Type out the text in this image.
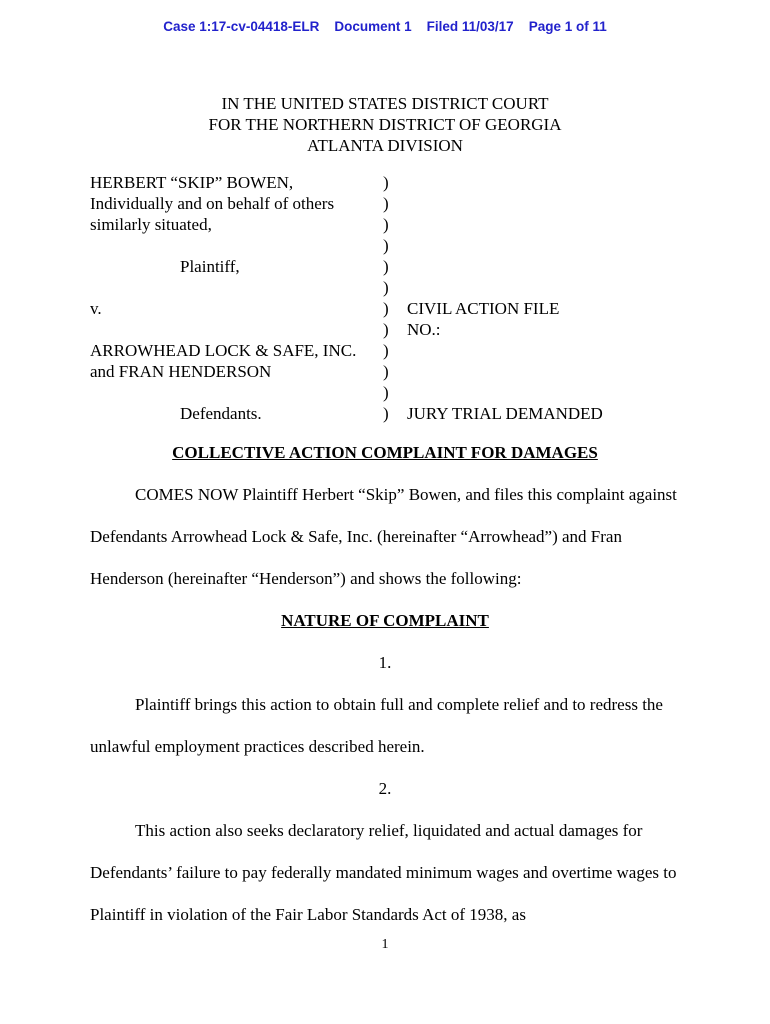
Case 1:17-cv-04418-ELR Document 1 Filed 11/03/17 Page 1 of 11
IN THE UNITED STATES DISTRICT COURT
FOR THE NORTHERN DISTRICT OF GEORGIA
ATLANTA DIVISION
HERBERT “SKIP” BOWEN,	)
Individually and on behalf of others	)
similarly situated,	)
)
Plaintiff,	)
)
v.	)	CIVIL ACTION FILE
)	NO.:
ARROWHEAD LOCK & SAFE, INC.	)
and FRAN HENDERSON	)
)
Defendants.	)	JURY TRIAL DEMANDED

COLLECTIVE ACTION COMPLAINT FOR DAMAGES

COMES NOW Plaintiff Herbert “Skip” Bowen, and files this complaint against Defendants Arrowhead Lock & Safe, Inc. (hereinafter “Arrowhead”) and Fran Henderson (hereinafter “Henderson”) and shows the following:

NATURE OF COMPLAINT

1.

Plaintiff brings this action to obtain full and complete relief and to redress the unlawful employment practices described herein.

2.

This action also seeks declaratory relief, liquidated and actual damages for Defendants’ failure to pay federally mandated minimum wages and overtime wages to Plaintiff in violation of the Fair Labor Standards Act of 1938, as

1
